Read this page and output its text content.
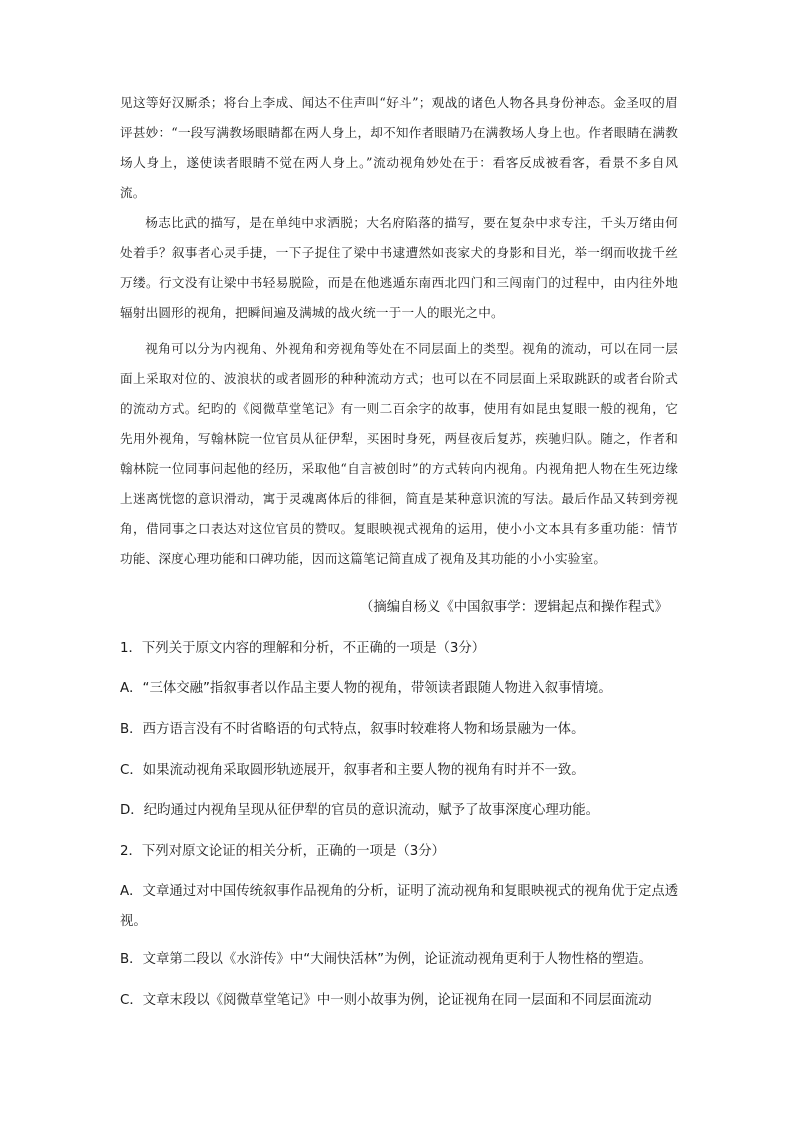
见这等好汉厮杀；将台上李成、闻达不住声叫“好斗”；观战的诸色人物各具身份神态。金圣叹的眉评甚妙：“一段写满教场眼睛都在两人身上，却不知作者眼睛乃在满教场人身上也。作者眼睛在满教场人身上，遂使读者眼睛不觉在两人身上。”流动视角妙处在于：看客反成被看客，看景不多自风流。

杨志比武的描写，是在单纯中求洒脱；大名府陷落的描写，要在复杂中求专注，千头万绪由何处着手？叙事者心灵手捷，一下子捉住了梁中书逮遭然如丧家犬的身影和目光，举一纲而收拢千丝万缕。行文没有让梁中书轻易脱险，而是在他逃遁东南西北四门和三闯南门的过程中，由内往外地辐射出圆形的视角，把瞬间遍及满城的战火统一于一人的眼光之中。

视角可以分为内视角、外视角和旁视角等处在不同层面上的类型。视角的流动，可以在同一层面上采取对位的、波浪状的或者圆形的种种流动方式；也可以在不同层面上采取跳跃的或者台阶式的流动方式。纪昀的《阅微草堂笔记》有一则二百余字的故事，使用有如昆虫复眼一般的视角，它先用外视角，写翰林院一位官员从征伊犁，买困时身死，两昼夜后复苏，疾驰归队。随之，作者和翰林院一位同事问起他的经历，采取他“自言被创时”的方式转向内视角。内视角把人物在生死边缘上迷离恍惚的意识滑动，寓于灵魂离体后的徘徊，简直是某种意识流的写法。最后作品又转到旁视角，借同事之口表达对这位官员的赞叹。复眼映视式视角的运用，使小小文本具有多重功能：情节功能、深度心理功能和口碑功能，因而这篇笔记简直成了视角及其功能的小小实验室。

（摘编自杨义《中国叙事学：逻辑起点和操作程式》

1．下列关于原文内容的理解和分析，不正确的一项是（3分）

A．“三体交融”指叙事者以作品主要人物的视角，带领读者跟随人物进入叙事情境。

B．西方语言没有不时省略语的句式特点，叙事时较难将人物和场景融为一体。

C．如果流动视角采取圆形轨迹展开，叙事者和主要人物的视角有时并不一致。

D．纪昀通过内视角呈现从征伊犁的官员的意识流动，赋予了故事深度心理功能。

2．下列对原文论证的相关分析，正确的一项是（3分）

A．文章通过对中国传统叙事作品视角的分析，证明了流动视角和复眼映视式的视角优于定点透视。

B．文章第二段以《水浒传》中“大闹快活林”为例，论证流动视角更利于人物性格的塑造。

C．文章末段以《阅微草堂笔记》中一则小故事为例，论证视角在同一层面和不同层面流动
